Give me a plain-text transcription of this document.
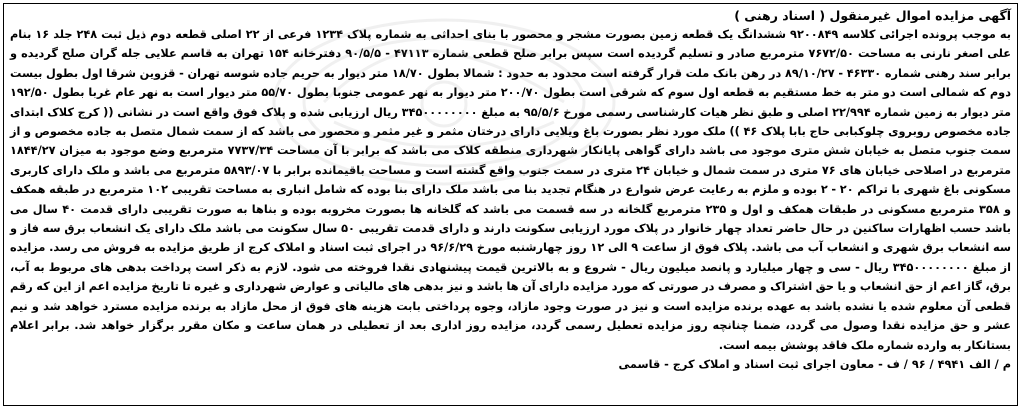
آگهی مزایده اموال غیرمنقول ( اسناد رهنی )

به موجب پرونده اجرائی کلاسه ۹۲۰۰۸۴۹ ششدانگ یک قطعه زمین بصورت مشجر و محصور با بنای احداثی به شماره پلاک ۱۲۳۴ فرعی از ۲۲ اصلی قطعه دوم ذیل ثبت ۲۴۸ جلد ۱۶ بنام علی اصغر نارنی به مساحت ۷۶۷۲/۵۰ مترمربع صادر و تسلیم گردیده است سپس برابر صلح قطعی شماره ۴۷۱۱۳ - ۹۰/۵/۵ دفترخانه ۱۵۴ تهران به قاسم علایی جله گران صلح گردیده و برابر سند رهنی شماره ۴۶۳۳۰ - ۸۹/۱۰/۲۷ در رهن بانک ملت قرار گرفته است محدود به حدود : شمالا بطول ۱۸/۷۰ متر دیوار به حریم جاده شوسه تهران - قزوین شرقا اول بطول بیست دوم که شمالی است دو متر به خط مستقیم به قطعه اول سوم که شرقی است بطول ۲۰۰/۷۰ متر دیوار به نهر عمومی جنوبا بطول ۵۵/۷۰ متر دیوار است به نهر عام غربا بطول ۱۹۲/۵۰ متر دیوار به زمین شماره ۲۲/۹۹۴ اصلی و طبق نظر هیات کارشناسی رسمی مورخ ۹۵/۵/۶ به مبلغ ۳۴۵۰۰۰۰۰۰۰۰ ریال ارزیابی شده و پلاک فوق واقع است در نشانی (( کرج کلاک ابتدای جاده مخصوص روبروی چلوکبابی حاج بابا پلاک ۴۶ )) ملک مورد نظر بصورت باغ ویلایی دارای درختان مثمر و غیر مثمر و محصور می باشد که از سمت شمال متصل به جاده مخصوص و از سمت جنوب متصل به خیابان شش متری موجود می باشد دارای گواهی پایانکار شهرداری منطقه کلاک می باشد که برابر با آن مساحت ۷۷۳۷/۳۴ مترمربع وضع موجود به میزان ۱۸۴۴/۲۷ مترمربع در اصلاحی خیابان های ۷۶ متری در سمت شمال و خیابان ۲۴ متری در سمت جنوب واقع گشته است و مساحت باقیمانده برابر با ۵۸۹۳/۰۷ مترمربع می باشد و ملک دارای کاربری مسکونی باغ شهری با تراکم ۲۰ - ۲ بوده و ملزم به رعایت عرض شوارع در هنگام تجدید بنا می باشد ملک دارای بنا بوده که شامل انباری به مساحت تقریبی ۱۰۲ مترمربع در طبقه همکف و ۳۵۸ مترمربع مسکونی در طبقات همکف و اول و ۲۳۵ مترمربع گلخانه در سه قسمت می باشد که گلخانه ها بصورت مخروبه بوده و بناها به صورت تقریبی دارای قدمت ۴۰ سال می باشد حسب اظهارات ساکنین در حال حاضر تعداد چهار خانوار در پلاک مورد ارزیابی سکونت دارند و دارای قدمت تقریبی ۵۰ سال سکونت می باشد ملک دارای یک انشعاب برق سه فاز و سه انشعاب برق شهری و انشعاب آب می باشد. پلاک فوق از ساعت ۹ الی ۱۲ روز چهارشنبه مورخ ۹۶/۶/۲۹ در اجرای ثبت اسناد و املاک کرج از طریق مزایده به فروش می رسد. مزایده از مبلغ ۳۴۵۰۰۰۰۰۰۰۰ ریال - سی و چهار میلیارد و پانصد میلیون ریال - شروع و به بالاترین قیمت پیشنهادی نقدا فروخته می شود. لازم به ذکر است پرداخت بدهی های مربوط به آب، برق، گاز اعم از حق انشعاب و یا حق اشتراک و مصرف در صورتی که مورد مزایده دارای آن ها باشد و نیز بدهی های مالیاتی و عوارض شهرداری و غیره تا تاریخ مزایده اعم از این که رقم قطعی آن معلوم شده یا نشده باشد به عهده برنده مزایده است و نیز در صورت وجود مازاد، وجوه پرداختی بابت هزینه های فوق از محل مازاد به برنده مزایده مسترد خواهد شد و نیم عشر و حق مزایده نقدا وصول می گردد، ضمنا چنانچه روز مزایده تعطیل رسمی گردد، مزایده روز اداری بعد از تعطیلی در همان ساعت و مکان مقرر برگزار خواهد شد. برابر اعلام بستانکار به وارده شماره ملک فاقد پوشش بیمه است.

م / الف ۴۹۴۱ / ۹۶ / ف - معاون اجرای ثبت اسناد و املاک کرج - قاسمی
